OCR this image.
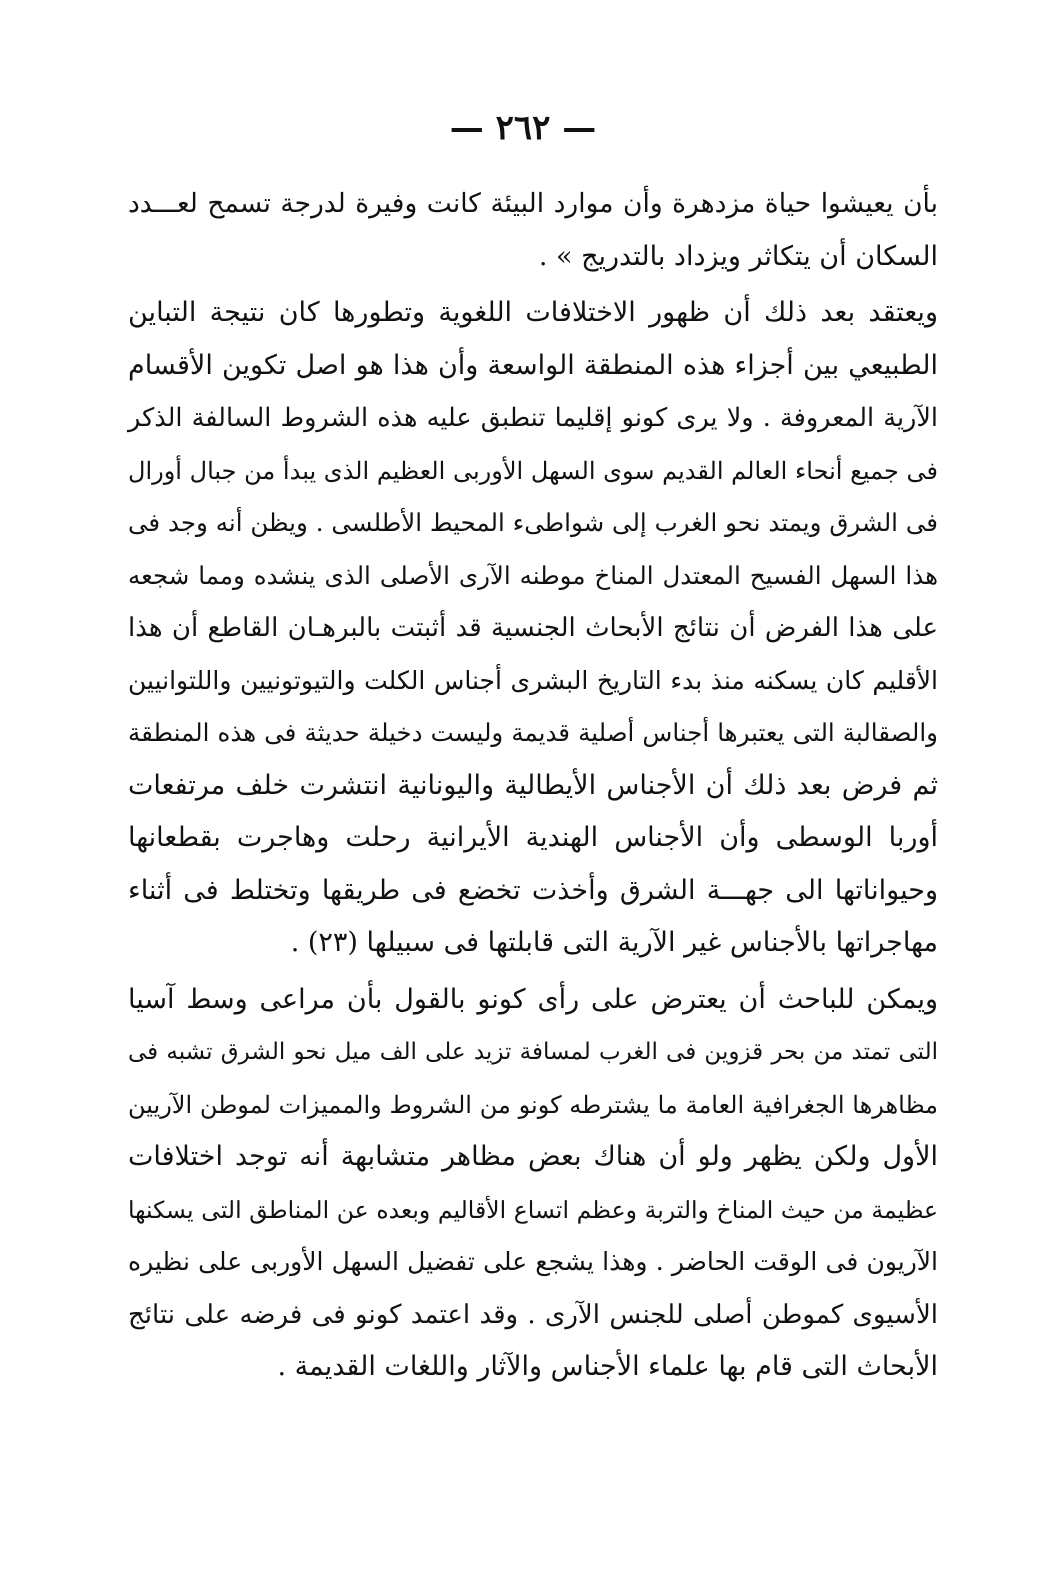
— ٢٦٢ —
بأن يعيشوا حياة مزدهرة وأن موارد البيئة كانت وفيرة لدرجة تسمح لعـــدد
السكان أن يتكاثر ويزداد بالتدريج » .
ويعتقد بعد ذلك أن ظهور الاختلافات اللغوية وتطورها كان نتيجة التباين
الطبيعي بين أجزاء هذه المنطقة الواسعة وأن هذا هو اصل تكوين الأقسام
الآرية المعروفة . ولا يرى كونو إقليما تنطبق عليه هذه الشروط السالفة الذكر
فى جميع أنحاء العالم القديم سوى السهل الأوربى العظيم الذى يبدأ من جبال أورال
فى الشرق ويمتد نحو الغرب إلى شواطىء المحيط الأطلسى . ويظن أنه وجد فى
هذا السهل الفسيح المعتدل المناخ موطنه الآرى الأصلى الذى ينشده ومما شجعه
على هذا الفرض أن نتائج الأبحاث الجنسية قد أثبتت بالبرهـان القاطع أن هذا
الأقليم كان يسكنه منذ بدء التاريخ البشرى أجناس الكلت والتيوتونيين واللتوانيين
والصقالبة التى يعتبرها أجناس أصلية قديمة وليست دخيلة حديثة فى هذه المنطقة
ثم فرض بعد ذلك أن الأجناس الأيطالية واليونانية انتشرت خلف مرتفعات
أوربا الوسطى وأن الأجناس الهندية الأيرانية رحلت وهاجرت بقطعانها
وحيواناتها الى جهـــة الشرق وأخذت تخضع فى طريقها وتختلط فى أثناء
مهاجراتها بالأجناس غير الآرية التى قابلتها فى سبيلها (٢٣) .
ويمكن للباحث أن يعترض على رأى كونو بالقول بأن مراعى وسط آسيا
التى تمتد من بحر قزوين فى الغرب لمسافة تزيد على الف ميل نحو الشرق تشبه فى
مظاهرها الجغرافية العامة ما يشترطه كونو من الشروط والمميزات لموطن الآريين
الأول ولكن يظهر ولو أن هناك بعض مظاهر متشابهة أنه توجد اختلافات
عظيمة من حيث المناخ والتربة وعظم اتساع الأقاليم وبعده عن المناطق التى يسكنها
الآريون فى الوقت الحاضر . وهذا يشجع على تفضيل السهل الأوربى على نظيره
الأسيوى كموطن أصلى للجنس الآرى . وقد اعتمد كونو فى فرضه على نتائج
الأبحاث التى قام بها علماء الأجناس والآثار واللغات القديمة .
